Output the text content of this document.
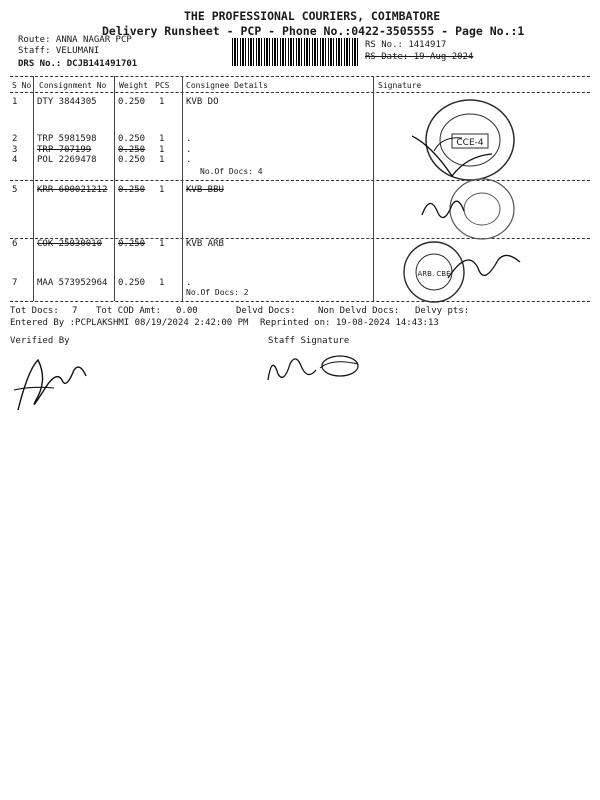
THE PROFESSIONAL COURIERS, COIMBATORE
Delivery Runsheet - PCP - Phone No.:0422-3505555 - Page No.:1
Route: ANNA NAGAR PCP
Staff: VELUMANI
DRS No.: DCJB141491701
RS No.: 1414917
RS Date: 19-Aug-2024
S No Consignment No Weight PCS Consignee Details	Signature
1 DTY 3844305 0.250 1 KVB DO
2 TRP 5981598 0.250 1 .
3 TRP 707199	0.250 1 .
4 POL 2269478 0.250 1 .
No.Of Docs: 4
5 KRR 600021212 0.250 1 KVB BBU
6 COK 25030010 0.250 1 KVB ARB
7 MAA 573952964 0.250 1 .
No.Of Docs: 2
CCE-4
ARB. CBE
Tot Docs: 7 Tot COD Amt: 0.00	Delvd Docs: Non Delvd Docs: Delvy pts:
Entered By :PCPLAKSHMI 08/19/2024 2:42:00 PM Reprinted on: 19-08-2024 14:43:13
Verified By	Staff Signature
